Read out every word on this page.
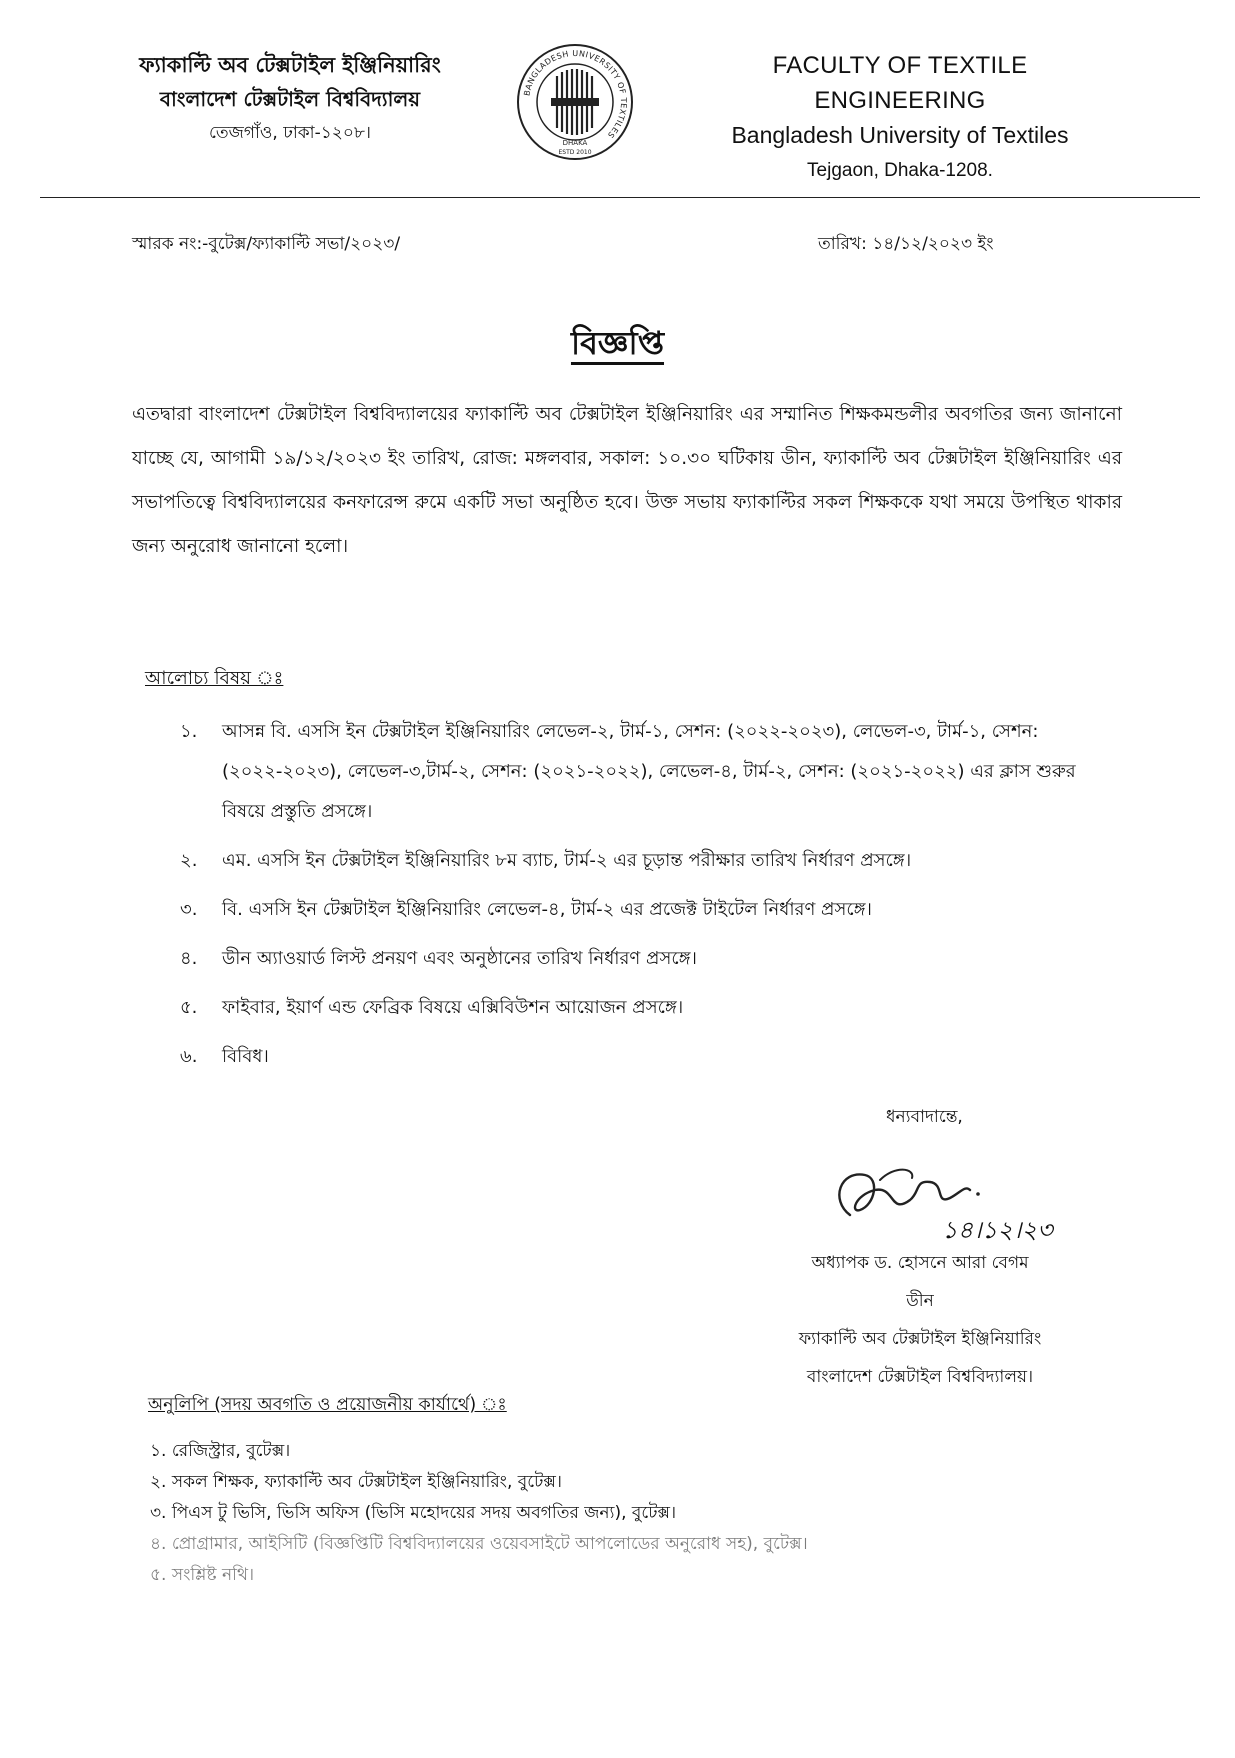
ফ্যাকাল্টি অব টেক্সটাইল ইঞ্জিনিয়ারিং
বাংলাদেশ টেক্সটাইল বিশ্ববিদ্যালয়
তেজগাঁও, ঢাকা-১২০৮।
BANGLADESH UNIVERSITY OF TEXTILES
DHAKA
ESTD 2010
FACULTY OF TEXTILE ENGINEERING
Bangladesh University of Textiles
Tejgaon, Dhaka-1208.
স্মারক নং:-বুটেক্স/ফ্যাকাল্টি সভা/২০২৩/	তারিখ: ১৪/১২/২০২৩ ইং
বিজ্ঞপ্তি
এতদ্বারা বাংলাদেশ টেক্সটাইল বিশ্ববিদ্যালয়ের ফ্যাকাল্টি অব টেক্সটাইল ইঞ্জিনিয়ারিং এর সম্মানিত শিক্ষকমন্ডলীর অবগতির জন্য জানানো যাচ্ছে যে, আগামী ১৯/১২/২০২৩ ইং তারিখ, রোজ: মঙ্গলবার, সকাল: ১০.৩০ ঘটিকায় ডীন, ফ্যাকাল্টি অব টেক্সটাইল ইঞ্জিনিয়ারিং এর সভাপতিত্বে বিশ্ববিদ্যালয়ের কনফারেন্স রুমে একটি সভা অনুষ্ঠিত হবে। উক্ত সভায় ফ্যাকাল্টির সকল শিক্ষককে যথা সময়ে উপস্থিত থাকার জন্য অনুরোধ জানানো হলো।
আলোচ্য বিষয় ঃ
১. আসন্ন বি. এসসি ইন টেক্সটাইল ইঞ্জিনিয়ারিং লেভেল-২, টার্ম-১, সেশন: (২০২২-২০২৩), লেভেল-৩, টার্ম-১, সেশন: (২০২২-২০২৩), লেভেল-৩,টার্ম-২, সেশন: (২০২১-২০২২), লেভেল-৪, টার্ম-২, সেশন: (২০২১-২০২২) এর ক্লাস শুরুর বিষয়ে প্রস্তুতি প্রসঙ্গে।
২. এম. এসসি ইন টেক্সটাইল ইঞ্জিনিয়ারিং ৮ম ব্যাচ, টার্ম-২ এর চূড়ান্ত পরীক্ষার তারিখ নির্ধারণ প্রসঙ্গে।
৩. বি. এসসি ইন টেক্সটাইল ইঞ্জিনিয়ারিং লেভেল-৪, টার্ম-২ এর প্রজেক্ট টাইটেল নির্ধারণ প্রসঙ্গে।
৪. ডীন অ্যাওয়ার্ড লিস্ট প্রনয়ণ এবং অনুষ্ঠানের তারিখ নির্ধারণ প্রসঙ্গে।
৫. ফাইবার, ইয়ার্ণ এন্ড ফেব্রিক বিষয়ে এক্সিবিউশন আয়োজন প্রসঙ্গে।
৬. বিবিধ।
ধন্যবাদান্তে,
১৪।১২।২৩
অধ্যাপক ড. হোসনে আরা বেগম
ডীন
ফ্যাকাল্টি অব টেক্সটাইল ইঞ্জিনিয়ারিং
বাংলাদেশ টেক্সটাইল বিশ্ববিদ্যালয়।
অনুলিপি (সদয় অবগতি ও প্রয়োজনীয় কার্যার্থে) ঃ
১. রেজিস্ট্রার, বুটেক্স।
২. সকল শিক্ষক, ফ্যাকাল্টি অব টেক্সটাইল ইঞ্জিনিয়ারিং, বুটেক্স।
৩. পিএস টু ভিসি, ভিসি অফিস (ভিসি মহোদয়ের সদয় অবগতির জন্য), বুটেক্স।
৪. প্রোগ্রামার, আইসিটি (বিজ্ঞপ্তিটি বিশ্ববিদ্যালয়ের ওয়েবসাইটে আপলোডের অনুরোধ সহ), বুটেক্স।
৫. সংশ্লিষ্ট নথি।
